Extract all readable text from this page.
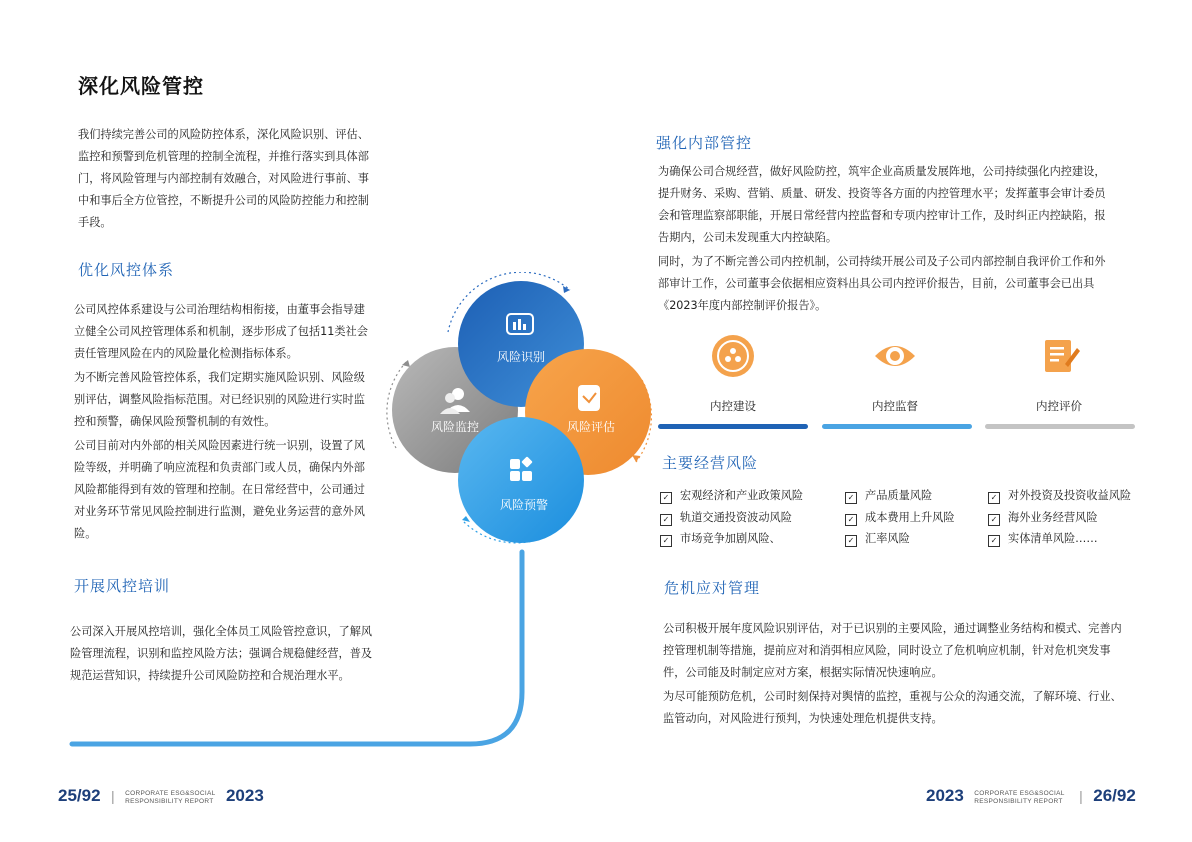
深化风险管控

我们持续完善公司的风险防控体系，深化风险识别、评估、监控和预警到危机管理的控制全流程，并推行落实到具体部门，将风险管理与内部控制有效融合，对风险进行事前、事中和事后全方位管控，不断提升公司的风险防控能力和控制手段。

优化风控体系

公司风控体系建设与公司治理结构相衔接，由董事会指导建立健全公司风控管理体系和机制，逐步形成了包括11类社会责任管理风险在内的风险量化检测指标体系。

为不断完善风险管控体系，我们定期实施风险识别、风险级别评估，调整风险指标范围。对已经识别的风险进行实时监控和预警，确保风险预警机制的有效性。

公司目前对内外部的相关风险因素进行统一识别，设置了风险等级，并明确了响应流程和负责部门或人员，确保内外部风险都能得到有效的管理和控制。在日常经营中，公司通过对业务环节常见风险控制进行监测，避免业务运营的意外风险。

开展风控培训

公司深入开展风控培训，强化全体员工风险管控意识，了解风险管理流程，识别和监控风险方法；强调合规稳健经营，普及规范运营知识，持续提升公司风险防控和合规治理水平。

风险识别
风险监控	风险评估
风险预警
强化内部管控

为确保公司合规经营，做好风险防控，筑牢企业高质量发展阵地，公司持续强化内控建设，提升财务、采购、营销、质量、研发、投资等各方面的内控管理水平；发挥董事会审计委员会和管理监察部职能，开展日常经营内控监督和专项内控审计工作，及时纠正内控缺陷，报告期内，公司未发现重大内控缺陷。

同时，为了不断完善公司内控机制，公司持续开展公司及子公司内部控制自我评价工作和外部审计工作，公司董事会依据相应资料出具公司内控评价报告，目前，公司董事会已出具《2023年度内部控制评价报告》。

内控建设	内控监督	内控评价
主要经营风险
✓ 宏观经济和产业政策风险	✓ 产品质量风险	✓ 对外投资及投资收益风险
✓ 轨道交通投资波动风险	✓ 成本费用上升风险	✓ 海外业务经营风险
✓ 市场竞争加剧风险、	✓ 汇率风险	✓ 实体清单风险……
危机应对管理

公司积极开展年度风险识别评估，对于已识别的主要风险，通过调整业务结构和模式、完善内控管理机制等措施，提前应对和消弭相应风险，同时设立了危机响应机制，针对危机突发事件，公司能及时制定应对方案，根据实际情况快速响应。

为尽可能预防危机，公司时刻保持对舆情的监控，重视与公众的沟通交流，了解环境、行业、监管动向，对风险进行预判，为快速处理危机提供支持。

25/92 | CORPORATE ESG&SOCIAL
RESPONSIBILITY REPORT 2023	2023 CORPORATE ESG&SOCIAL
RESPONSIBILITY REPORT | 26/92
